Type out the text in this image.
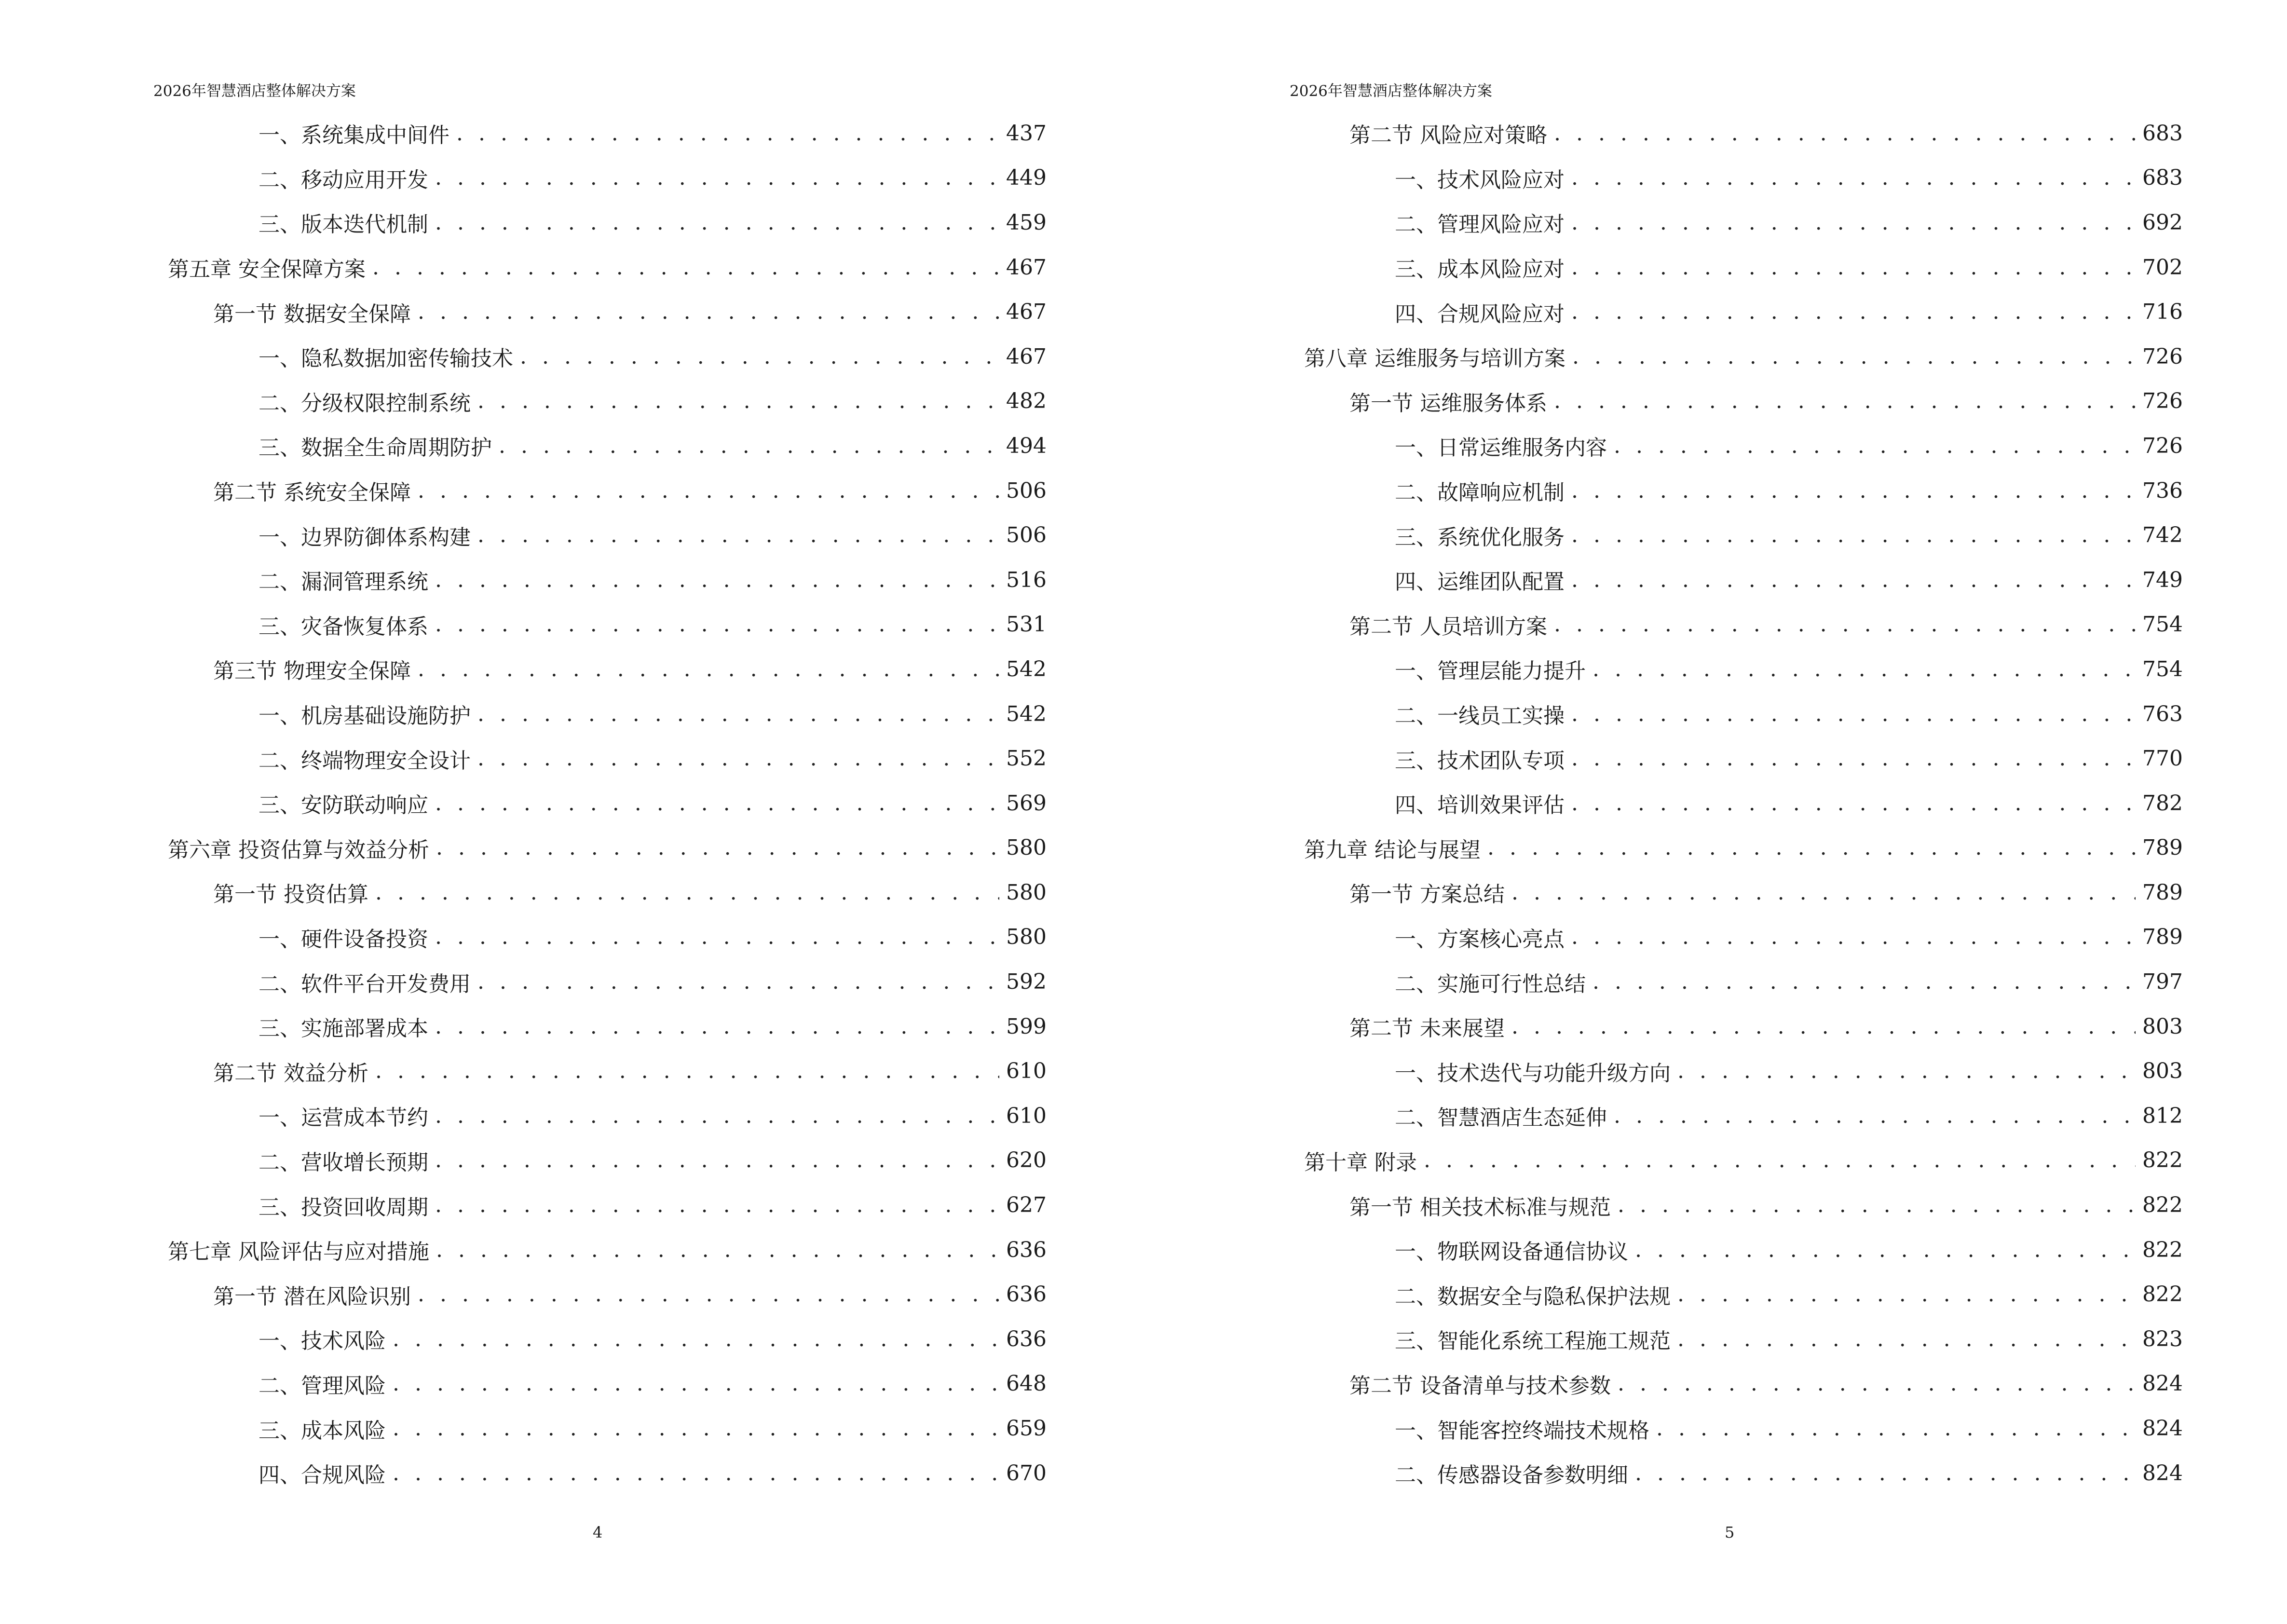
2026年智慧酒店整体解决方案
一、系统集成中间件 . . .	437
二、移动应用开发 . . .	449
三、版本迭代机制 . . .	459
第五章 安全保障方案 . . .	467
第一节 数据安全保障 . . .	467
一、隐私数据加密传输技术 . . .	467
二、分级权限控制系统 . . .	482
三、数据全生命周期防护 . . .	494
第二节 系统安全保障 . . .	506
一、边界防御体系构建 . . .	506
二、漏洞管理系统 . . .	516
三、灾备恢复体系 . . .	531
第三节 物理安全保障 . . .	542
一、机房基础设施防护 . . .	542
二、终端物理安全设计 . . .	552
三、安防联动响应 . . .	569
第六章 投资估算与效益分析 . . .	580
第一节 投资估算 . . .	580
一、硬件设备投资 . . .	580
二、软件平台开发费用 . . .	592
三、实施部署成本 . . .	599
第二节 效益分析 . . .	610
一、运营成本节约 . . .	610
二、营收增长预期 . . .	620
三、投资回收周期 . . .	627
第七章 风险评估与应对措施 . . .	636
第一节 潜在风险识别 . . .	636
一、技术风险 . . .	636
二、管理风险 . . .	648
三、成本风险 . . .	659
四、合规风险 . . .	670
4
2026年智慧酒店整体解决方案
第二节 风险应对策略 . . .	683
一、技术风险应对 . . .	683
二、管理风险应对 . . .	692
三、成本风险应对 . . .	702
四、合规风险应对 . . .	716
第八章 运维服务与培训方案 . . .	726
第一节 运维服务体系 . . .	726
一、日常运维服务内容 . . .	726
二、故障响应机制 . . .	736
三、系统优化服务 . . .	742
四、运维团队配置 . . .	749
第二节 人员培训方案 . . .	754
一、管理层能力提升 . . .	754
二、一线员工实操 . . .	763
三、技术团队专项 . . .	770
四、培训效果评估 . . .	782
第九章 结论与展望 . . .	789
第一节 方案总结 . . .	789
一、方案核心亮点 . . .	789
二、实施可行性总结 . . .	797
第二节 未来展望 . . .	803
一、技术迭代与功能升级方向 . . .	803
二、智慧酒店生态延伸 . . .	812
第十章 附录 . . .	822
第一节 相关技术标准与规范 . . .	822
一、物联网设备通信协议 . . .	822
二、数据安全与隐私保护法规 . . .	822
三、智能化系统工程施工规范 . . .	823
第二节 设备清单与技术参数 . . .	824
一、智能客控终端技术规格 . . .	824
二、传感器设备参数明细 . . .	824
5
